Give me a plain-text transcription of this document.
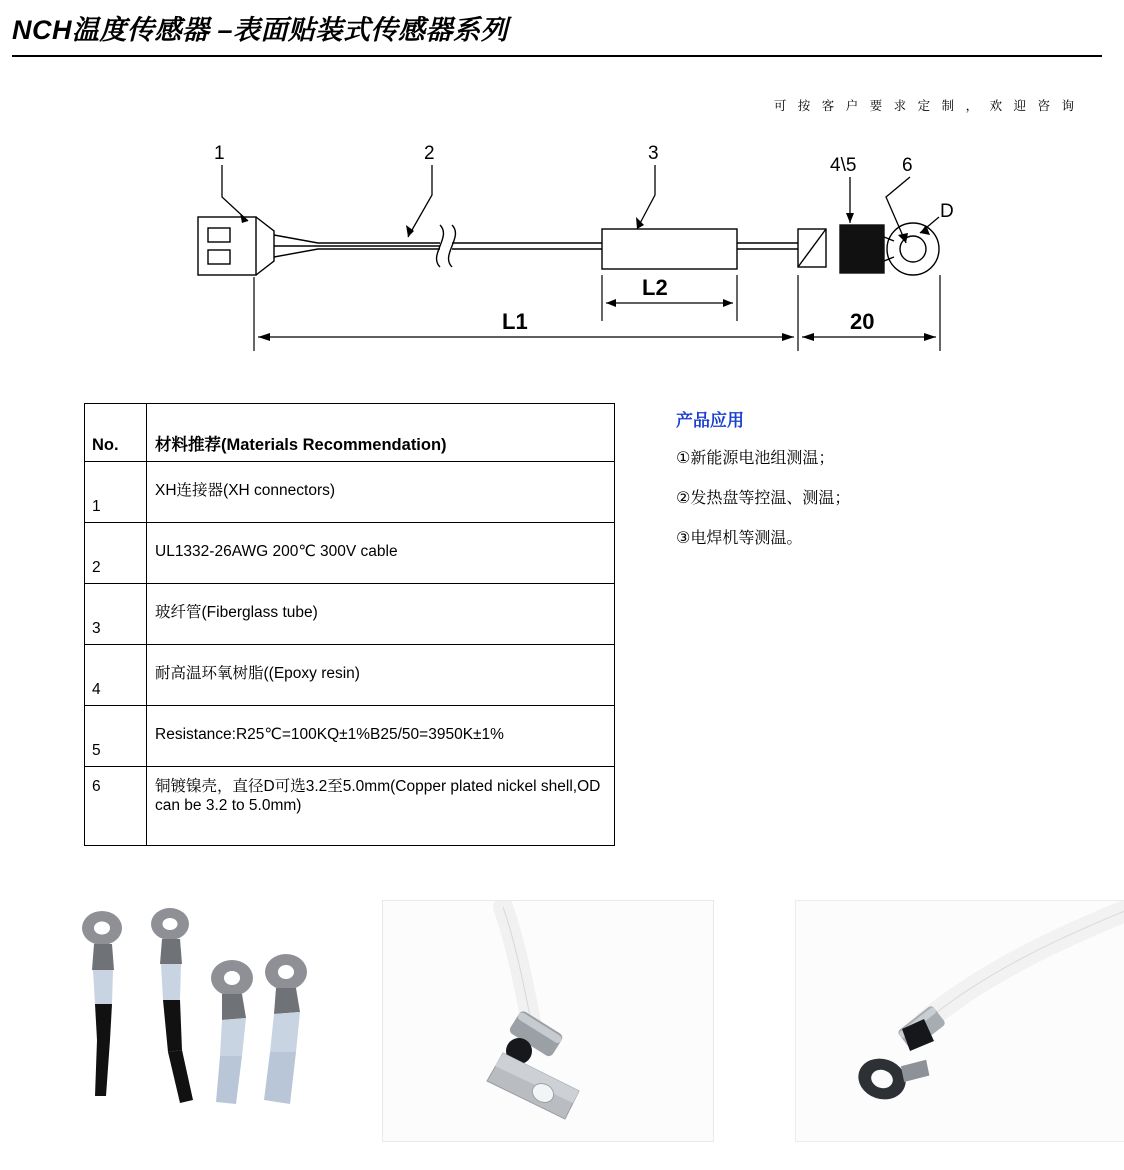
NCH温度传感器 –表面贴装式传感器系列
可 按 客 户 要 求 定 制 ， 欢 迎 咨 询
1	2	3
4\5 6
D
L2
L1	20
No.	材料推荐(Materials Recommendation)
1	XH连接器(XH connectors)
2	UL1332-26AWG 200℃ 300V cable
3	玻纤管(Fiberglass tube)
4	耐高温环氧树脂((Epoxy resin)
5	Resistance:R25℃=100KQ±1%B25/50=3950K±1%
6	铜镀镍壳，直径D可选3.2至5.0mm(Copper plated nickel shell,OD can be 3.2 to 5.0mm)
产品应用
①新能源电池组测温；
②发热盘等控温、测温；
③电焊机等测温。
